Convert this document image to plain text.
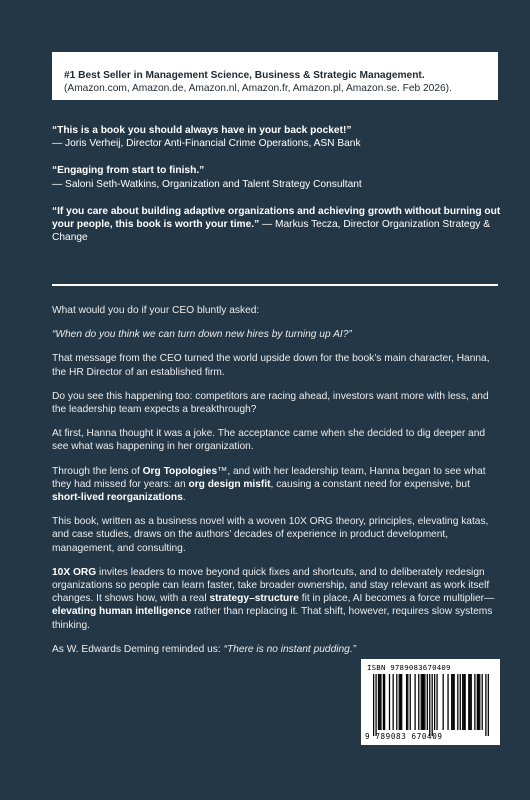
#1 Best Seller in Management Science, Business & Strategic Management.
(Amazon.com, Amazon.de, Amazon.nl, Amazon.fr, Amazon.pl, Amazon.se. Feb 2026).
“This is a book you should always have in your back pocket!”
— Joris Verheij, Director Anti-Financial Crime Operations, ASN Bank
“Engaging from start to finish.”
— Saloni Seth-Watkins, Organization and Talent Strategy Consultant
“If you care about building adaptive organizations and achieving growth without burning out your people, this book is worth your time.” — Markus Tecza, Director Organization Strategy & Change

What would you do if your CEO bluntly asked:

“When do you think we can turn down new hires by turning up AI?”

That message from the CEO turned the world upside down for the book’s main character, Hanna, the HR Director of an established firm.

Do you see this happening too: competitors are racing ahead, investors want more with less, and the leadership team expects a breakthrough?

At first, Hanna thought it was a joke. The acceptance came when she decided to dig deeper and see what was happening in her organization.

Through the lens of Org Topologies™, and with her leadership team, Hanna began to see what they had missed for years: an org design misfit, causing a constant need for expensive, but short-lived reorganizations.

This book, written as a business novel with a woven 10X ORG theory, principles, elevating katas, and case studies, draws on the authors’ decades of experience in product development, management, and consulting.

10X ORG invites leaders to move beyond quick fixes and shortcuts, and to deliberately redesign organizations so people can learn faster, take broader ownership, and stay relevant as work itself changes. It shows how, with a real strategy–structure fit in place, AI becomes a force multiplier—elevating human intelligence rather than replacing it. That shift, however, requires slow systems thinking.

As W. Edwards Deming reminded us: “There is no instant pudding.”

ISBN 9789083670409
9 789083 670409
